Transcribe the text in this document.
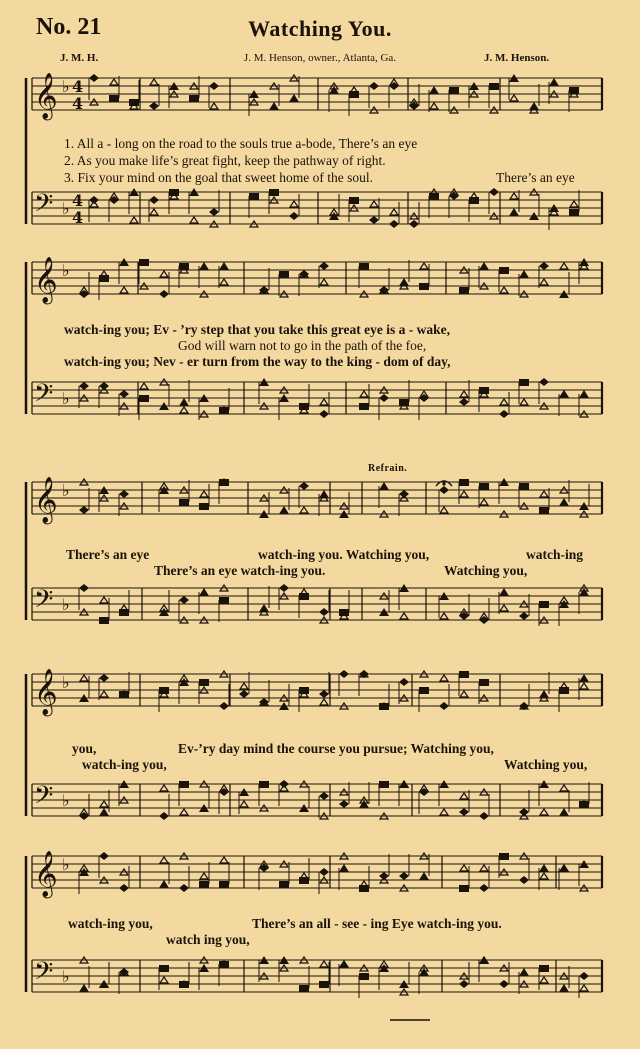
No. 21	Watching You.
J. M. H.	J. M. Henson, owner., Atlanta, Ga.	J. M. Henson.
𝄞 ♭ 4
4
𝄢 ♭ 4
4
𝄞 ♭
𝄢 ♭
𝄞 ♭
𝄢 ♭
𝄞 ♭
𝄢 ♭
𝄞 ♭
𝄢 ♭
1. All a - long on the road to the souls true a-bode, There’s an eye
2. As you make life’s great fight, keep the pathway of right.
3. Fix your mind on the goal that sweet home of the soul.	There’s an eye
watch-ing you; Ev - ’ry step that you take this great eye is a - wake,
God will warn not to go in the path of the foe,
watch-ing you; Nev - er turn from the way to the king - dom of day,
Refrain.
There’s an eye	watch-ing you. Watching you,	watch-ing
There’s an eye watch-ing you.	Watching you,
you,	Ev-’ry day mind the course you pursue; Watching you,
watch-ing you,	Watching you,
watch-ing you,	There’s an all - see - ing Eye watch-ing you.
watch ing you,
